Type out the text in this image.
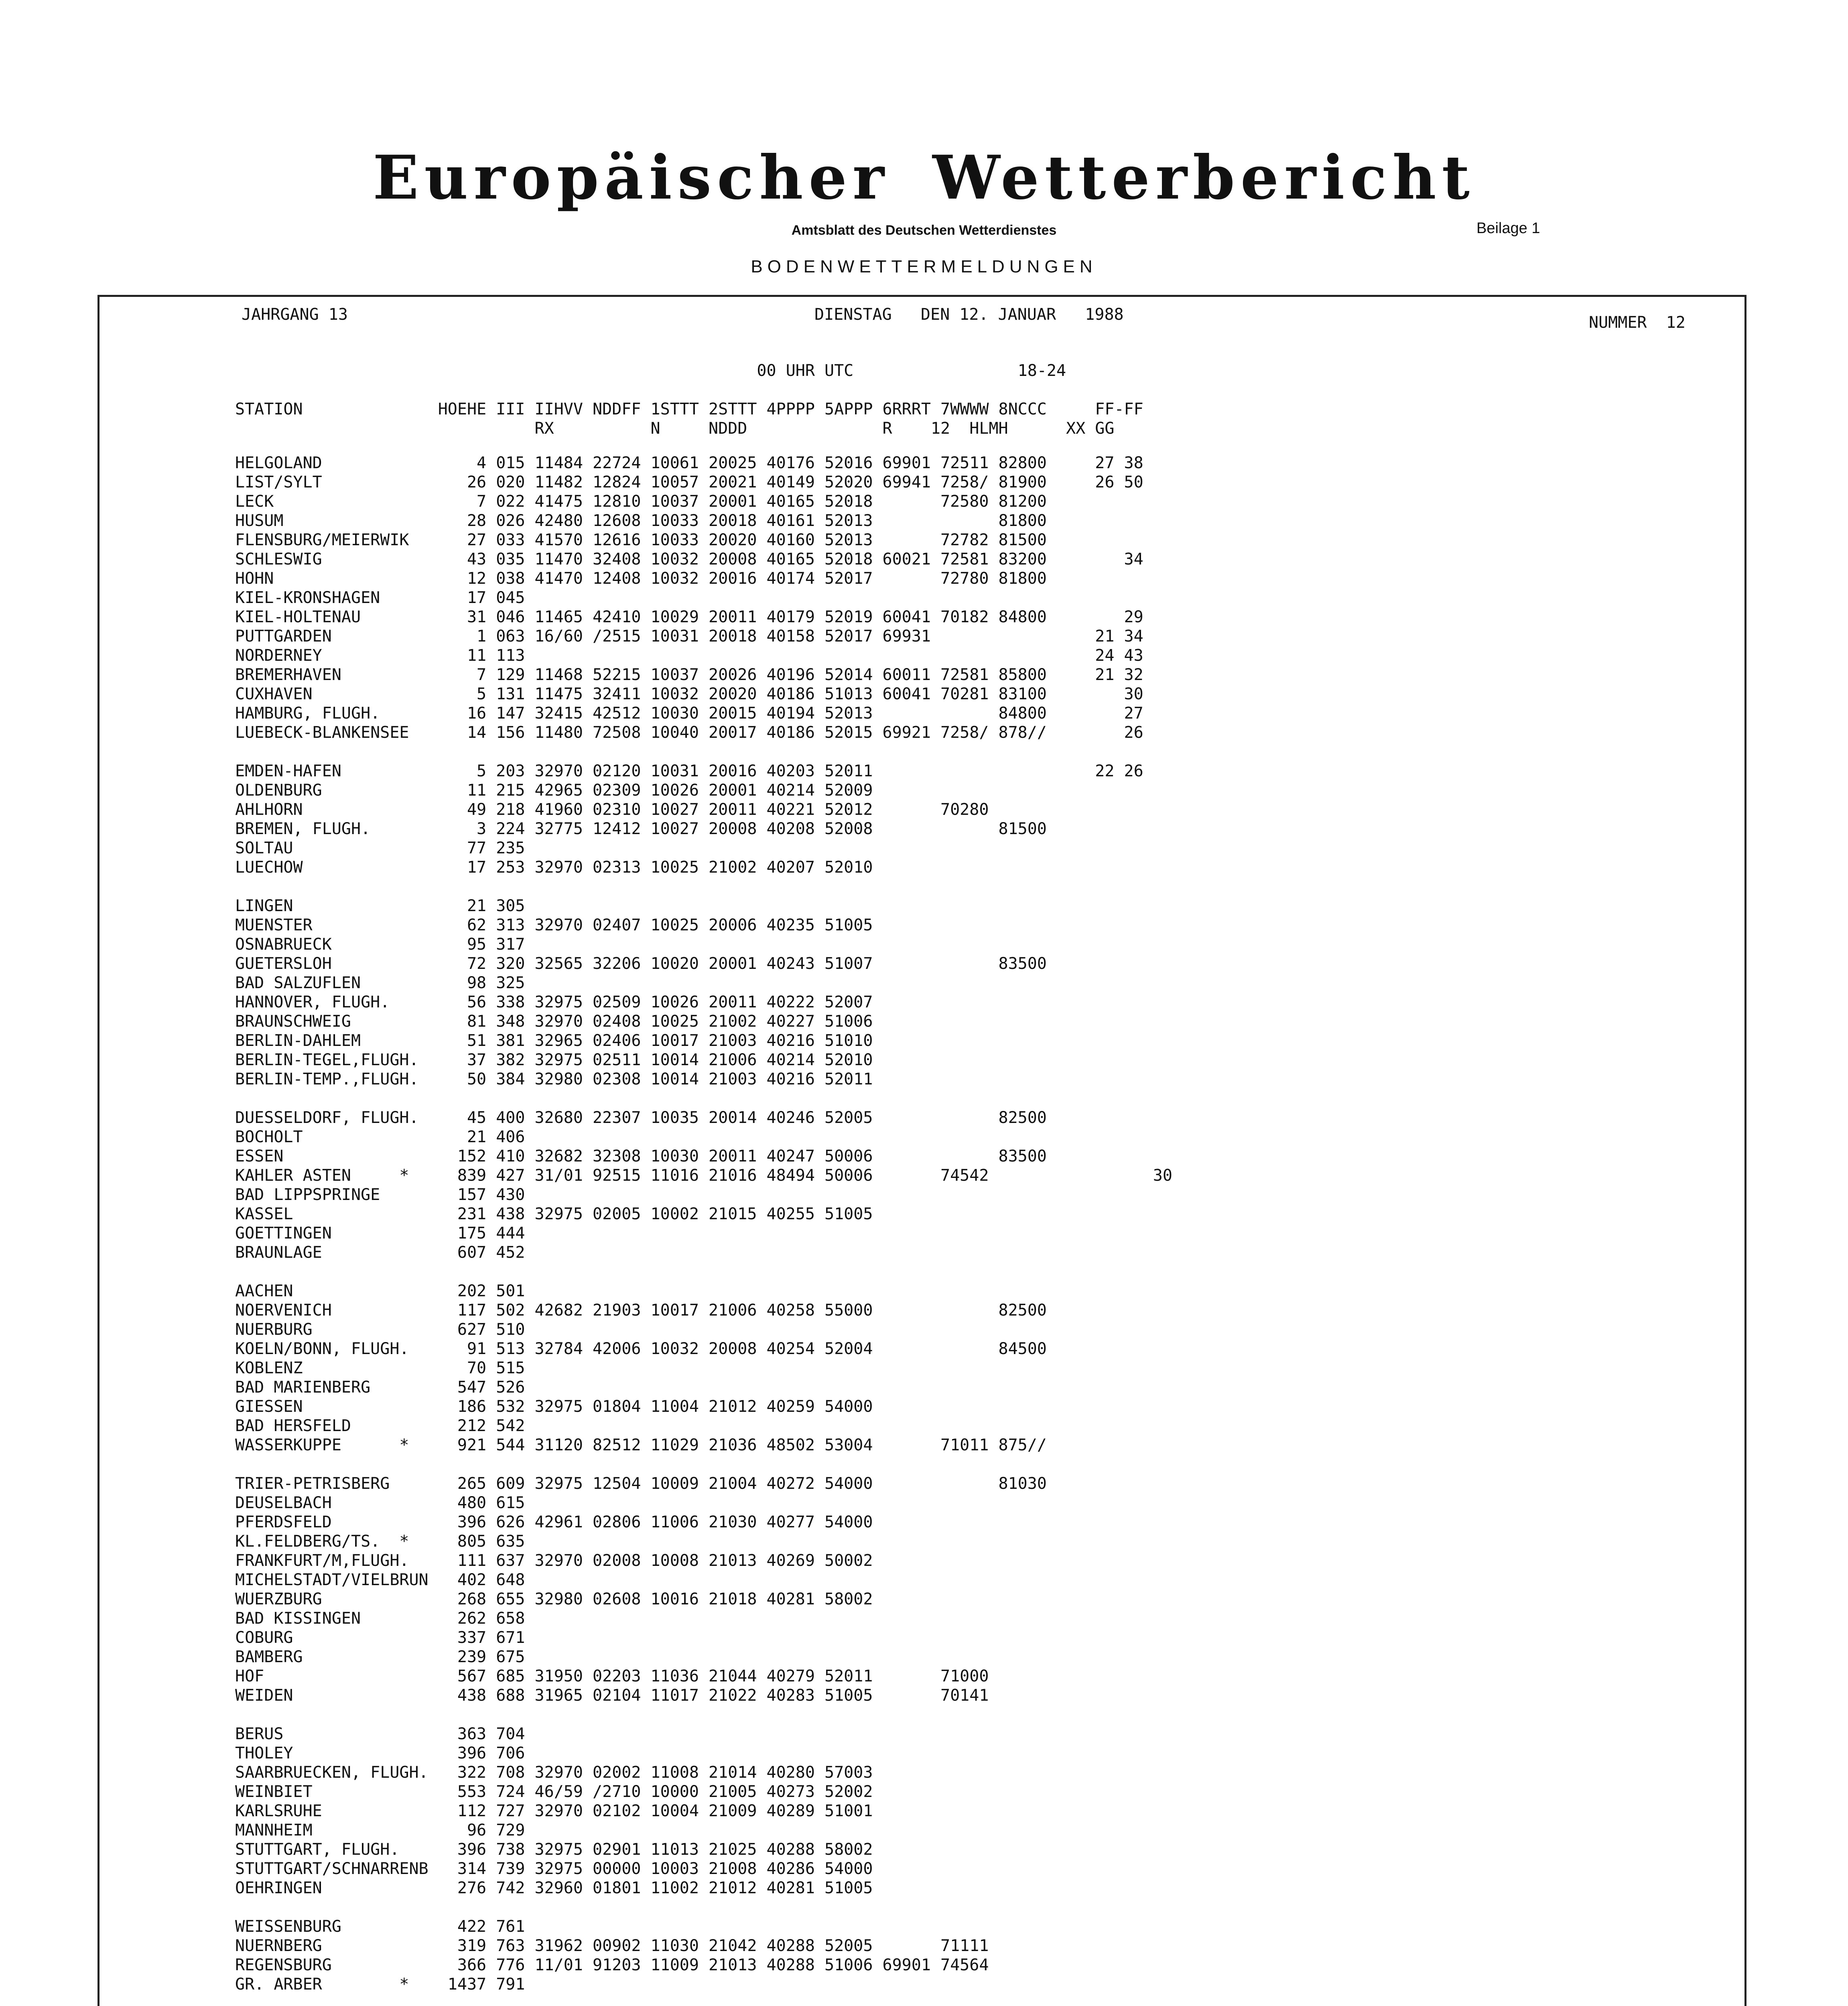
Europäischer Wetterbericht
Amtsblatt des Deutschen Wetterdienstes	Beilage 1
BODENWETTERMELDUNGEN
JAHRGANG 13	DIENSTAG   DEN 12. JANUAR   1988	NUMMER  12
00 UHR UTC                 18-24
STATION              HOEHE III IIHVV NDDFF 1STTT 2STTT 4PPPP 5APPP 6RRRT 7WWWW 8NCCC     FF-FF
RX          N     NDDD              R    12  HLMH      XX GG
HELGOLAND                4 015 11484 22724 10061 20025 40176 52016 69901 72511 82800     27 38
LIST/SYLT               26 020 11482 12824 10057 20021 40149 52020 69941 7258/ 81900     26 50
LECK                     7 022 41475 12810 10037 20001 40165 52018       72580 81200
HUSUM                   28 026 42480 12608 10033 20018 40161 52013             81800
FLENSBURG/MEIERWIK      27 033 41570 12616 10033 20020 40160 52013       72782 81500
SCHLESWIG               43 035 11470 32408 10032 20008 40165 52018 60021 72581 83200        34
HOHN                    12 038 41470 12408 10032 20016 40174 52017       72780 81800
KIEL-KRONSHAGEN         17 045
KIEL-HOLTENAU           31 046 11465 42410 10029 20011 40179 52019 60041 70182 84800        29
PUTTGARDEN               1 063 16/60 /2515 10031 20018 40158 52017 69931                 21 34
NORDERNEY               11 113                                                           24 43
BREMERHAVEN              7 129 11468 52215 10037 20026 40196 52014 60011 72581 85800     21 32
CUXHAVEN                 5 131 11475 32411 10032 20020 40186 51013 60041 70281 83100        30
HAMBURG, FLUGH.         16 147 32415 42512 10030 20015 40194 52013             84800        27
LUEBECK-BLANKENSEE      14 156 11480 72508 10040 20017 40186 52015 69921 7258/ 878//        26
EMDEN-HAFEN              5 203 32970 02120 10031 20016 40203 52011                       22 26
OLDENBURG               11 215 42965 02309 10026 20001 40214 52009
AHLHORN                 49 218 41960 02310 10027 20011 40221 52012       70280
BREMEN, FLUGH.           3 224 32775 12412 10027 20008 40208 52008             81500
SOLTAU                  77 235
LUECHOW                 17 253 32970 02313 10025 21002 40207 52010
LINGEN                  21 305
MUENSTER                62 313 32970 02407 10025 20006 40235 51005
OSNABRUECK              95 317
GUETERSLOH              72 320 32565 32206 10020 20001 40243 51007             83500
BAD SALZUFLEN           98 325
HANNOVER, FLUGH.        56 338 32975 02509 10026 20011 40222 52007
BRAUNSCHWEIG            81 348 32970 02408 10025 21002 40227 51006
BERLIN-DAHLEM           51 381 32965 02406 10017 21003 40216 51010
BERLIN-TEGEL,FLUGH.     37 382 32975 02511 10014 21006 40214 52010
BERLIN-TEMP.,FLUGH.     50 384 32980 02308 10014 21003 40216 52011
DUESSELDORF, FLUGH.     45 400 32680 22307 10035 20014 40246 52005             82500
BOCHOLT                 21 406
ESSEN                  152 410 32682 32308 10030 20011 40247 50006             83500
KAHLER ASTEN     *     839 427 31/01 92515 11016 21016 48494 50006       74542                 30
BAD LIPPSPRINGE        157 430
KASSEL                 231 438 32975 02005 10002 21015 40255 51005
GOETTINGEN             175 444
BRAUNLAGE              607 452
AACHEN                 202 501
NOERVENICH             117 502 42682 21903 10017 21006 40258 55000             82500
NUERBURG               627 510
KOELN/BONN, FLUGH.      91 513 32784 42006 10032 20008 40254 52004             84500
KOBLENZ                 70 515
BAD MARIENBERG         547 526
GIESSEN                186 532 32975 01804 11004 21012 40259 54000
BAD HERSFELD           212 542
WASSERKUPPE      *     921 544 31120 82512 11029 21036 48502 53004       71011 875//
TRIER-PETRISBERG       265 609 32975 12504 10009 21004 40272 54000             81030
DEUSELBACH             480 615
PFERDSFELD             396 626 42961 02806 11006 21030 40277 54000
KL.FELDBERG/TS.  *     805 635
FRANKFURT/M,FLUGH.     111 637 32970 02008 10008 21013 40269 50002
MICHELSTADT/VIELBRUN   402 648
WUERZBURG              268 655 32980 02608 10016 21018 40281 58002
BAD KISSINGEN          262 658
COBURG                 337 671
BAMBERG                239 675
HOF                    567 685 31950 02203 11036 21044 40279 52011       71000
WEIDEN                 438 688 31965 02104 11017 21022 40283 51005       70141
BERUS                  363 704
THOLEY                 396 706
SAARBRUECKEN, FLUGH.   322 708 32970 02002 11008 21014 40280 57003
WEINBIET               553 724 46/59 /2710 10000 21005 40273 52002
KARLSRUHE              112 727 32970 02102 10004 21009 40289 51001
MANNHEIM                96 729
STUTTGART, FLUGH.      396 738 32975 02901 11013 21025 40288 58002
STUTTGART/SCHNARRENB   314 739 32975 00000 10003 21008 40286 54000
OEHRINGEN              276 742 32960 01801 11002 21012 40281 51005
WEISSENBURG            422 761
NUERNBERG              319 763 31962 00902 11030 21042 40288 52005       71111
REGENSBURG             366 776 11/01 91203 11009 21013 40288 51006 69901 74564
GR. ARBER        *    1437 791
